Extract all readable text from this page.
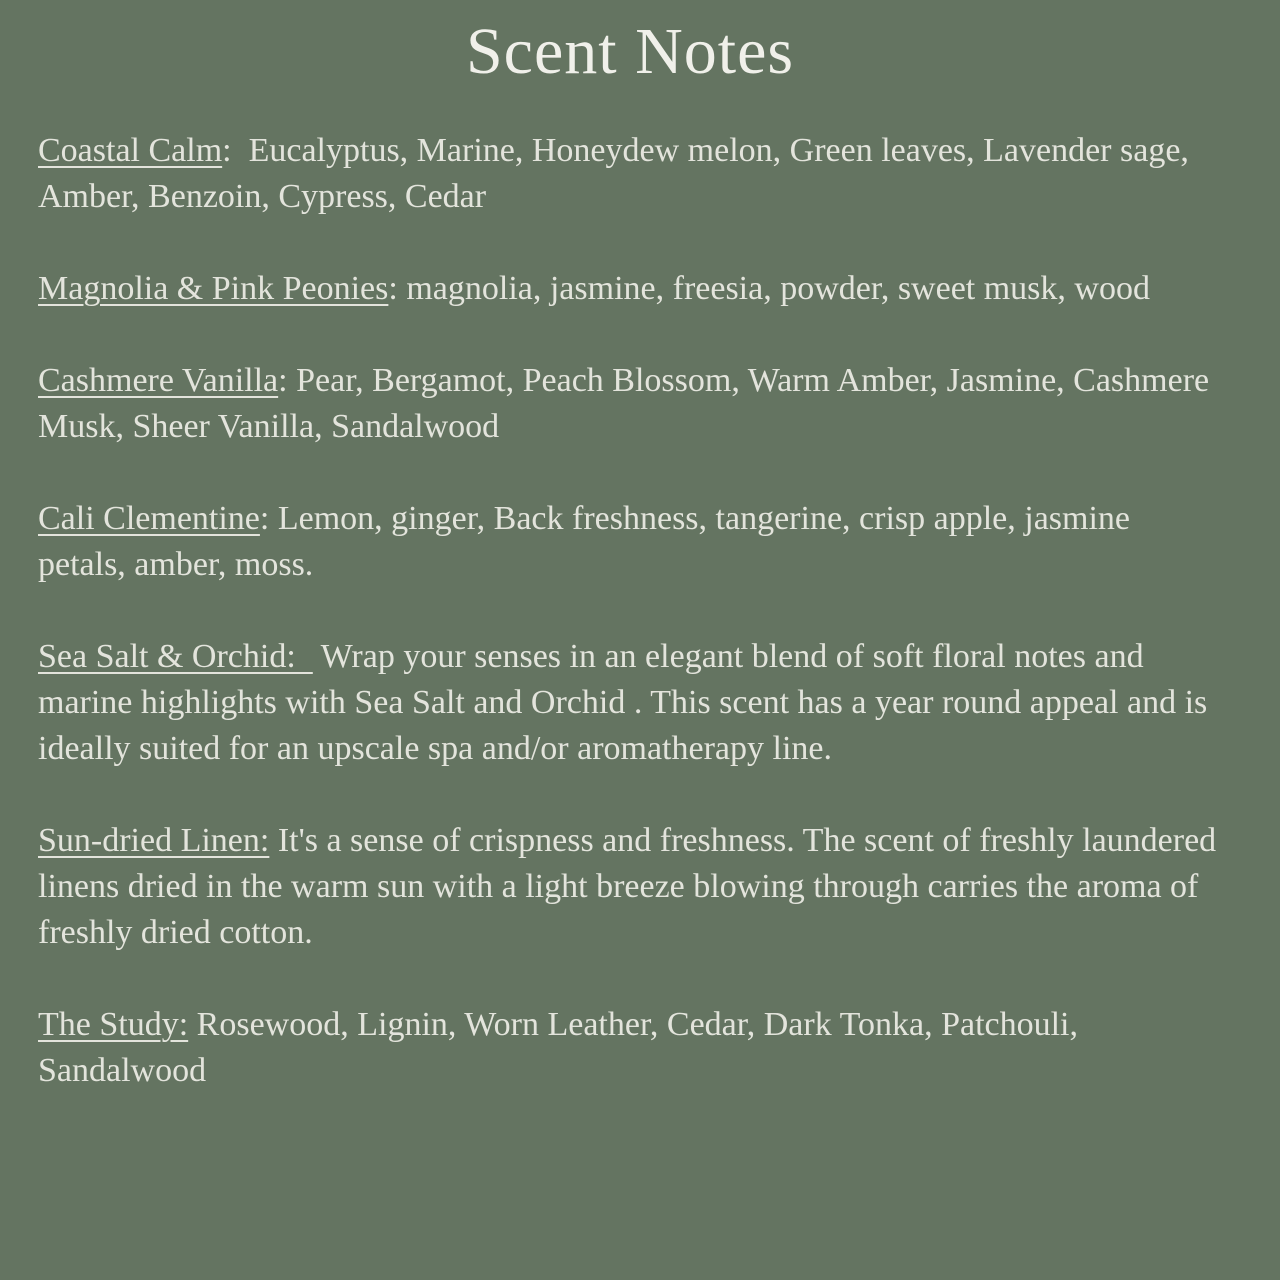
Scent Notes

Coastal Calm:  Eucalyptus, Marine, Honeydew melon, Green leaves, Lavender sage, Amber, Benzoin, Cypress, Cedar

Magnolia & Pink Peonies: magnolia, jasmine, freesia, powder, sweet musk, wood

Cashmere Vanilla: Pear, Bergamot, Peach Blossom, Warm Amber, Jasmine, Cashmere Musk, Sheer Vanilla, Sandalwood

Cali Clementine: Lemon, ginger, Back freshness, tangerine, crisp apple, jasmine petals, amber, moss.

Sea Salt & Orchid:   Wrap your senses in an elegant blend of soft floral notes and marine highlights with Sea Salt and Orchid . This scent has a year round appeal and is ideally suited for an upscale spa and/or aromatherapy line.

Sun-dried Linen: It's a sense of crispness and freshness. The scent of freshly laundered linens dried in the warm sun with a light breeze blowing through carries the aroma of freshly dried cotton.

The Study: Rosewood, Lignin, Worn Leather, Cedar, Dark Tonka, Patchouli, Sandalwood
